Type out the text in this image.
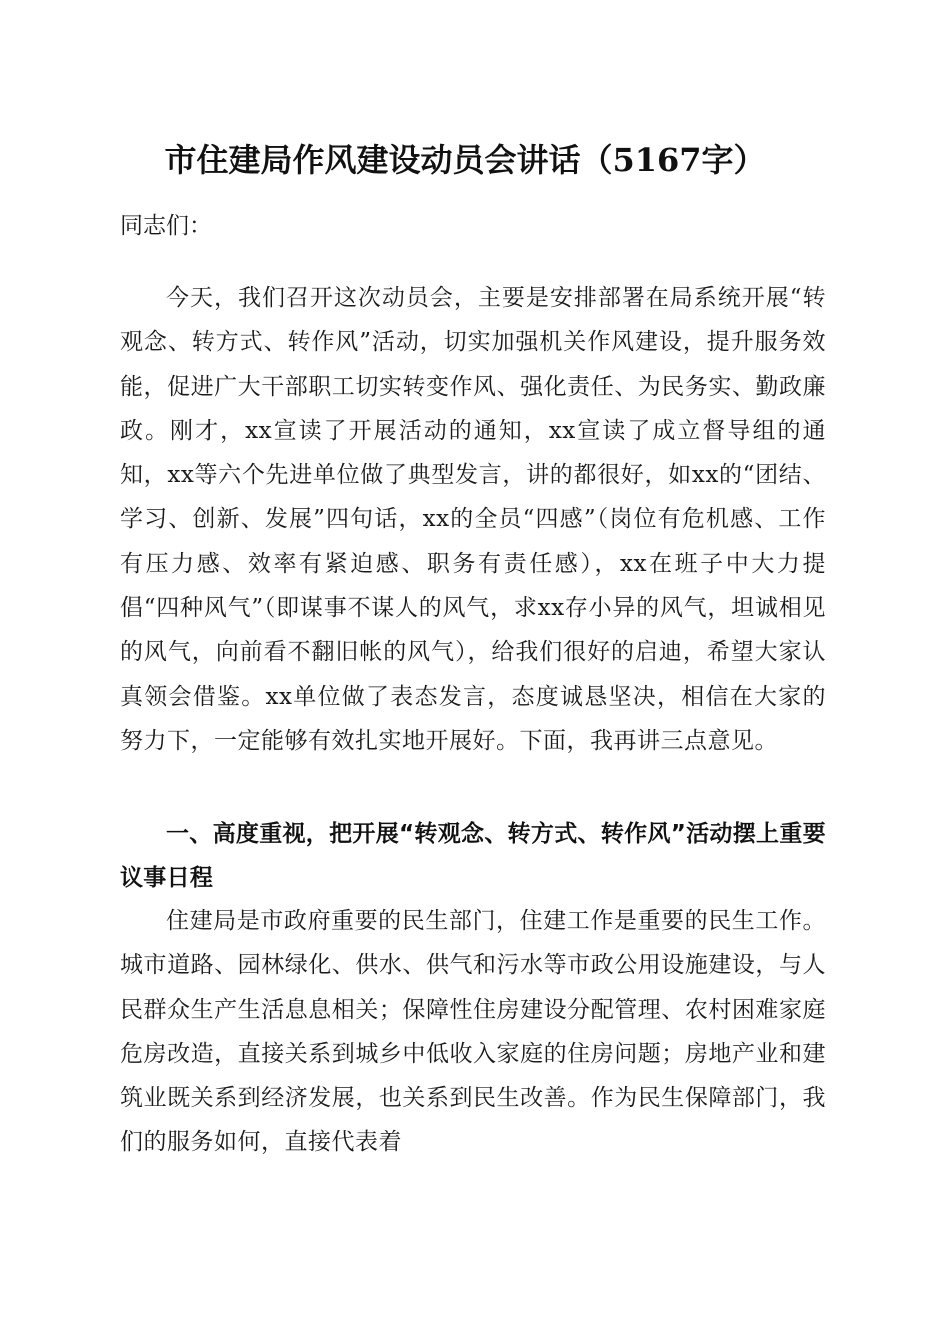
市住建局作风建设动员会讲话（5167字）
同志们：
今天，我们召开这次动员会，主要是安排部署在局系统开展“转观念、转方式、转作风”活动，切实加强机关作风建设，提升服务效能，促进广大干部职工切实转变作风、强化责任、为民务实、勤政廉政。刚才，xx宣读了开展活动的通知，xx宣读了成立督导组的通知，xx等六个先进单位做了典型发言，讲的都很好，如xx的“团结、学习、创新、发展”四句话，xx的全员“四感”（岗位有危机感、工作有压力感、效率有紧迫感、职务有责任感），xx在班子中大力提倡“四种风气”（即谋事不谋人的风气，求xx存小异的风气，坦诚相见的风气，向前看不翻旧帐的风气），给我们很好的启迪，希望大家认真领会借鉴。xx单位做了表态发言，态度诚恳坚决，相信在大家的努力下，一定能够有效扎实地开展好。下面，我再讲三点意见。
一、高度重视，把开展“转观念、转方式、转作风”活动摆上重要议事日程
住建局是市政府重要的民生部门，住建工作是重要的民生工作。城市道路、园林绿化、供水、供气和污水等市政公用设施建设，与人民群众生产生活息息相关；保障性住房建设分配管理、农村困难家庭危房改造，直接关系到城乡中低收入家庭的住房问题；房地产业和建筑业既关系到经济发展，也关系到民生改善。作为民生保障部门，我们的服务如何，直接代表着
